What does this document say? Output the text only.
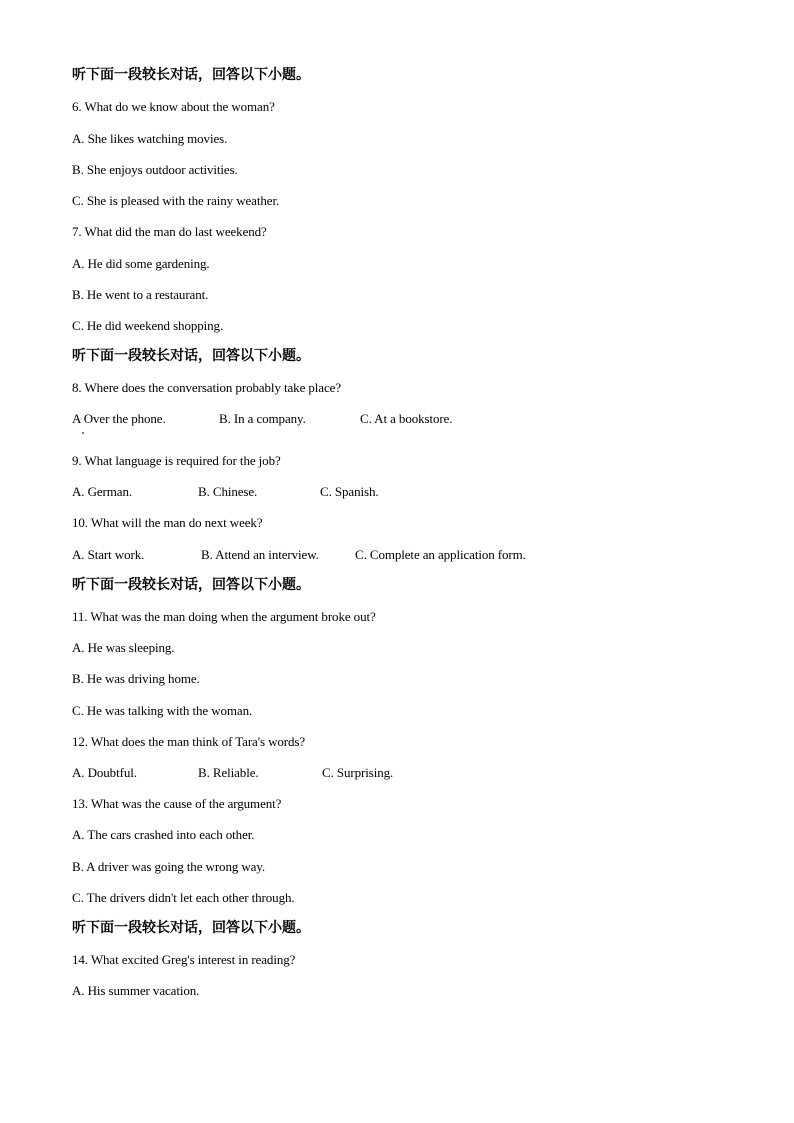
听下面一段较长对话，回答以下小题。
6. What do we know about the woman?
A. She likes watching movies.
B. She enjoys outdoor activities.
C. She is pleased with the rainy weather.
7. What did the man do last weekend?
A. He did some gardening.
B. He went to a restaurant.
C. He did weekend shopping.
听下面一段较长对话，回答以下小题。
8. Where does the conversation probably take place?
A Over the phone.	B. In a company.	C. At a bookstore.
9. What language is required for the job?
A. German.	B. Chinese.	C. Spanish.
10. What will the man do next week?
A. Start work.	B. Attend an interview.	C. Complete an application form.
听下面一段较长对话，回答以下小题。
11. What was the man doing when the argument broke out?
A. He was sleeping.
B. He was driving home.
C. He was talking with the woman.
12. What does the man think of Tara's words?
A. Doubtful.	B. Reliable.	C. Surprising.
13. What was the cause of the argument?
A. The cars crashed into each other.
B. A driver was going the wrong way.
C. The drivers didn't let each other through.
听下面一段较长对话，回答以下小题。
14. What excited Greg's interest in reading?
A. His summer vacation.
